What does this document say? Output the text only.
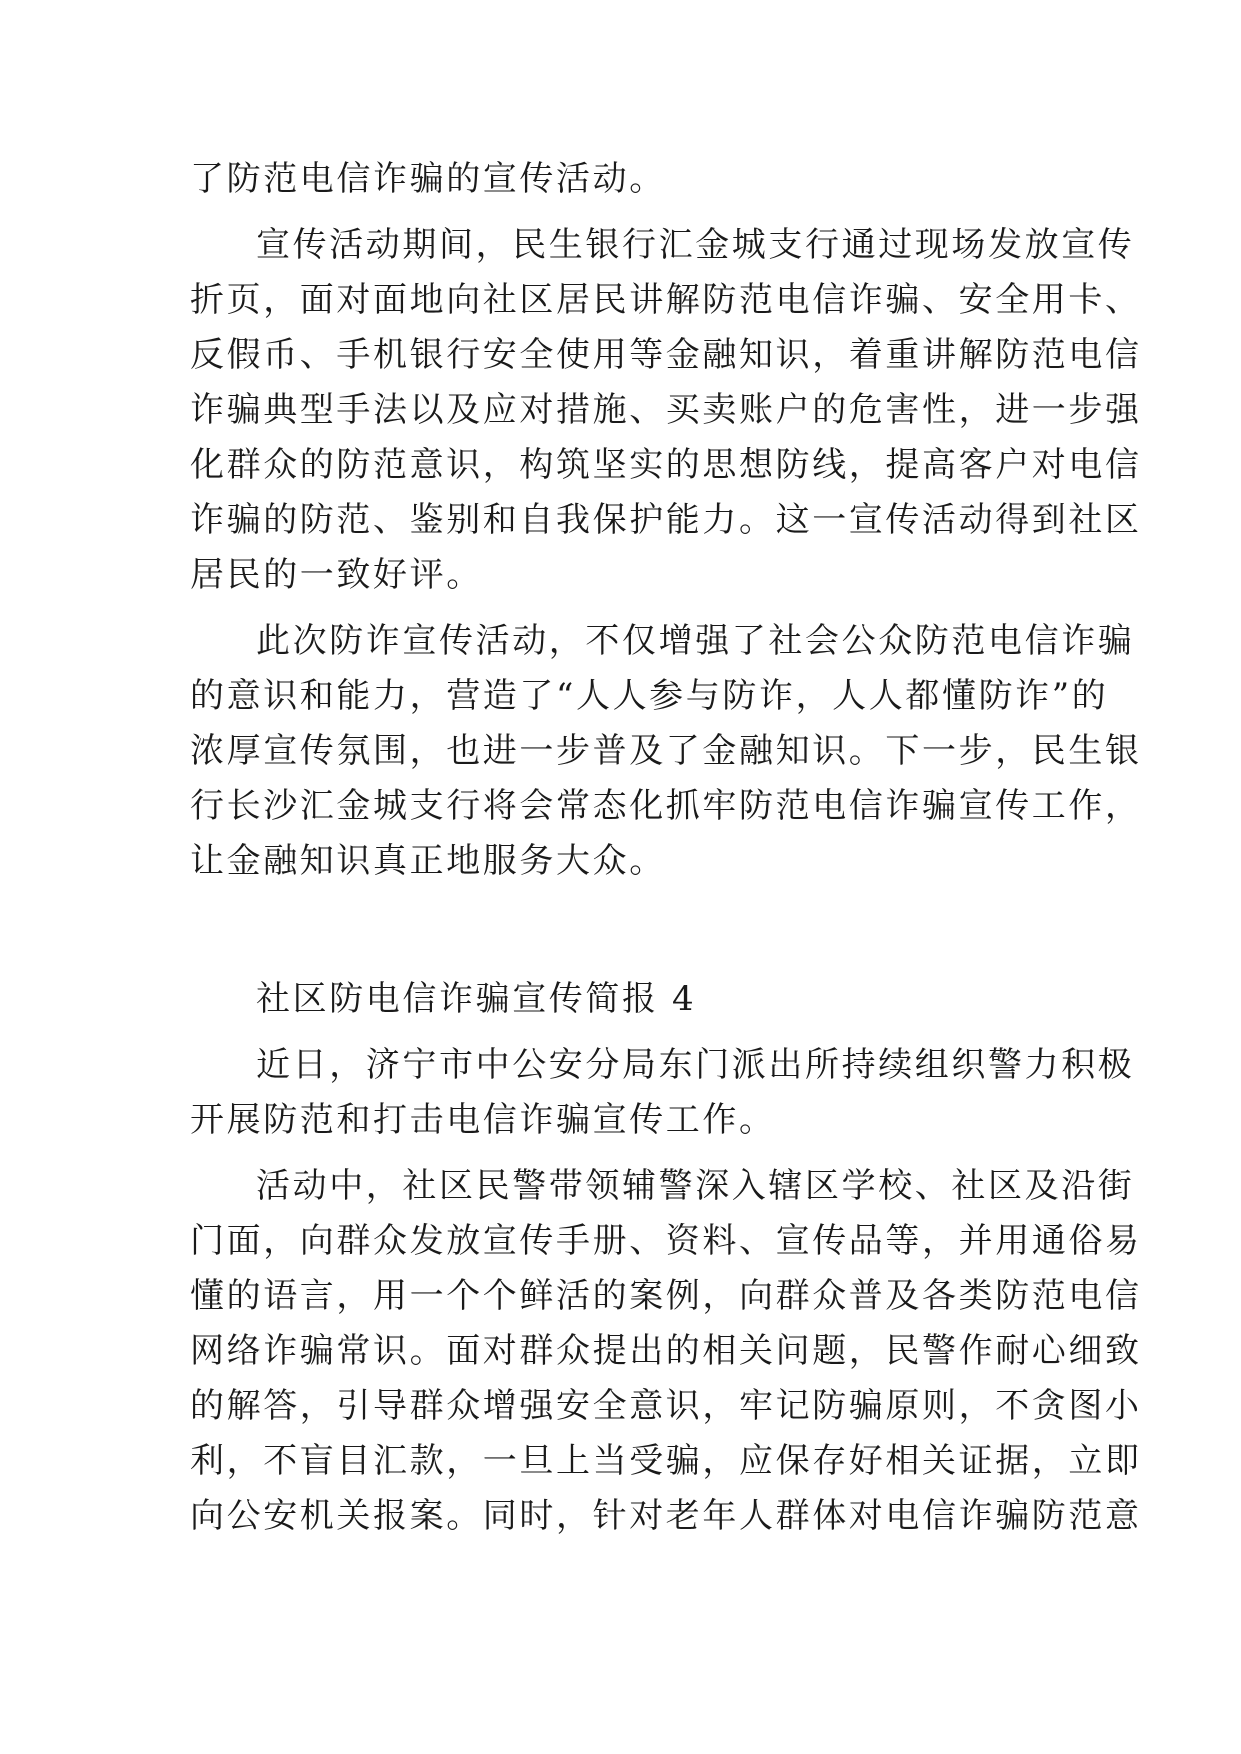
了防范电信诈骗的宣传活动。
宣传活动期间，民生银行汇金城支行通过现场发放宣传
折页，面对面地向社区居民讲解防范电信诈骗、安全用卡、
反假币、手机银行安全使用等金融知识，着重讲解防范电信
诈骗典型手法以及应对措施、买卖账户的危害性，进一步强
化群众的防范意识，构筑坚实的思想防线，提高客户对电信
诈骗的防范、鉴别和自我保护能力。这一宣传活动得到社区
居民的一致好评。
此次防诈宣传活动，不仅增强了社会公众防范电信诈骗
的意识和能力，营造了“人人参与防诈，人人都懂防诈”的
浓厚宣传氛围，也进一步普及了金融知识。下一步，民生银
行长沙汇金城支行将会常态化抓牢防范电信诈骗宣传工作，
让金融知识真正地服务大众。
社区防电信诈骗宣传简报 4
近日，济宁市中公安分局东门派出所持续组织警力积极
开展防范和打击电信诈骗宣传工作。
活动中，社区民警带领辅警深入辖区学校、社区及沿街
门面，向群众发放宣传手册、资料、宣传品等，并用通俗易
懂的语言，用一个个鲜活的案例，向群众普及各类防范电信
网络诈骗常识。面对群众提出的相关问题，民警作耐心细致
的解答，引导群众增强安全意识，牢记防骗原则，不贪图小
利，不盲目汇款，一旦上当受骗，应保存好相关证据，立即
向公安机关报案。同时，针对老年人群体对电信诈骗防范意
